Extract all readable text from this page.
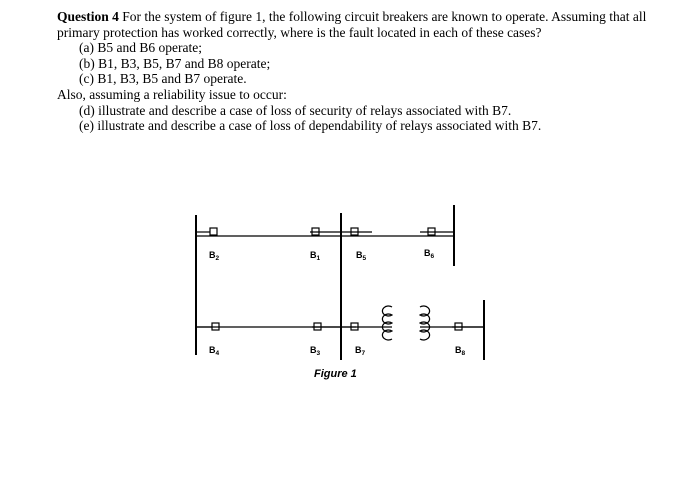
Question 4 For the system of figure 1, the following circuit breakers are known to operate. Assuming that all primary protection has worked correctly, where is the fault located in each of these cases?

(a) B5 and B6 operate;

(b) B1, B3, B5, B7 and B8 operate;

(c) B1, B3, B5 and B7 operate.

Also, assuming a reliability issue to occur:

(d) illustrate and describe a case of loss of security of relays associated with B7.

(e) illustrate and describe a case of loss of dependability of relays associated with B7.

$B_2$	$B_1$	$B_5$
$B_6$
$B_4$	$B_3$	$B_7$	$B_8$
Figure 1
